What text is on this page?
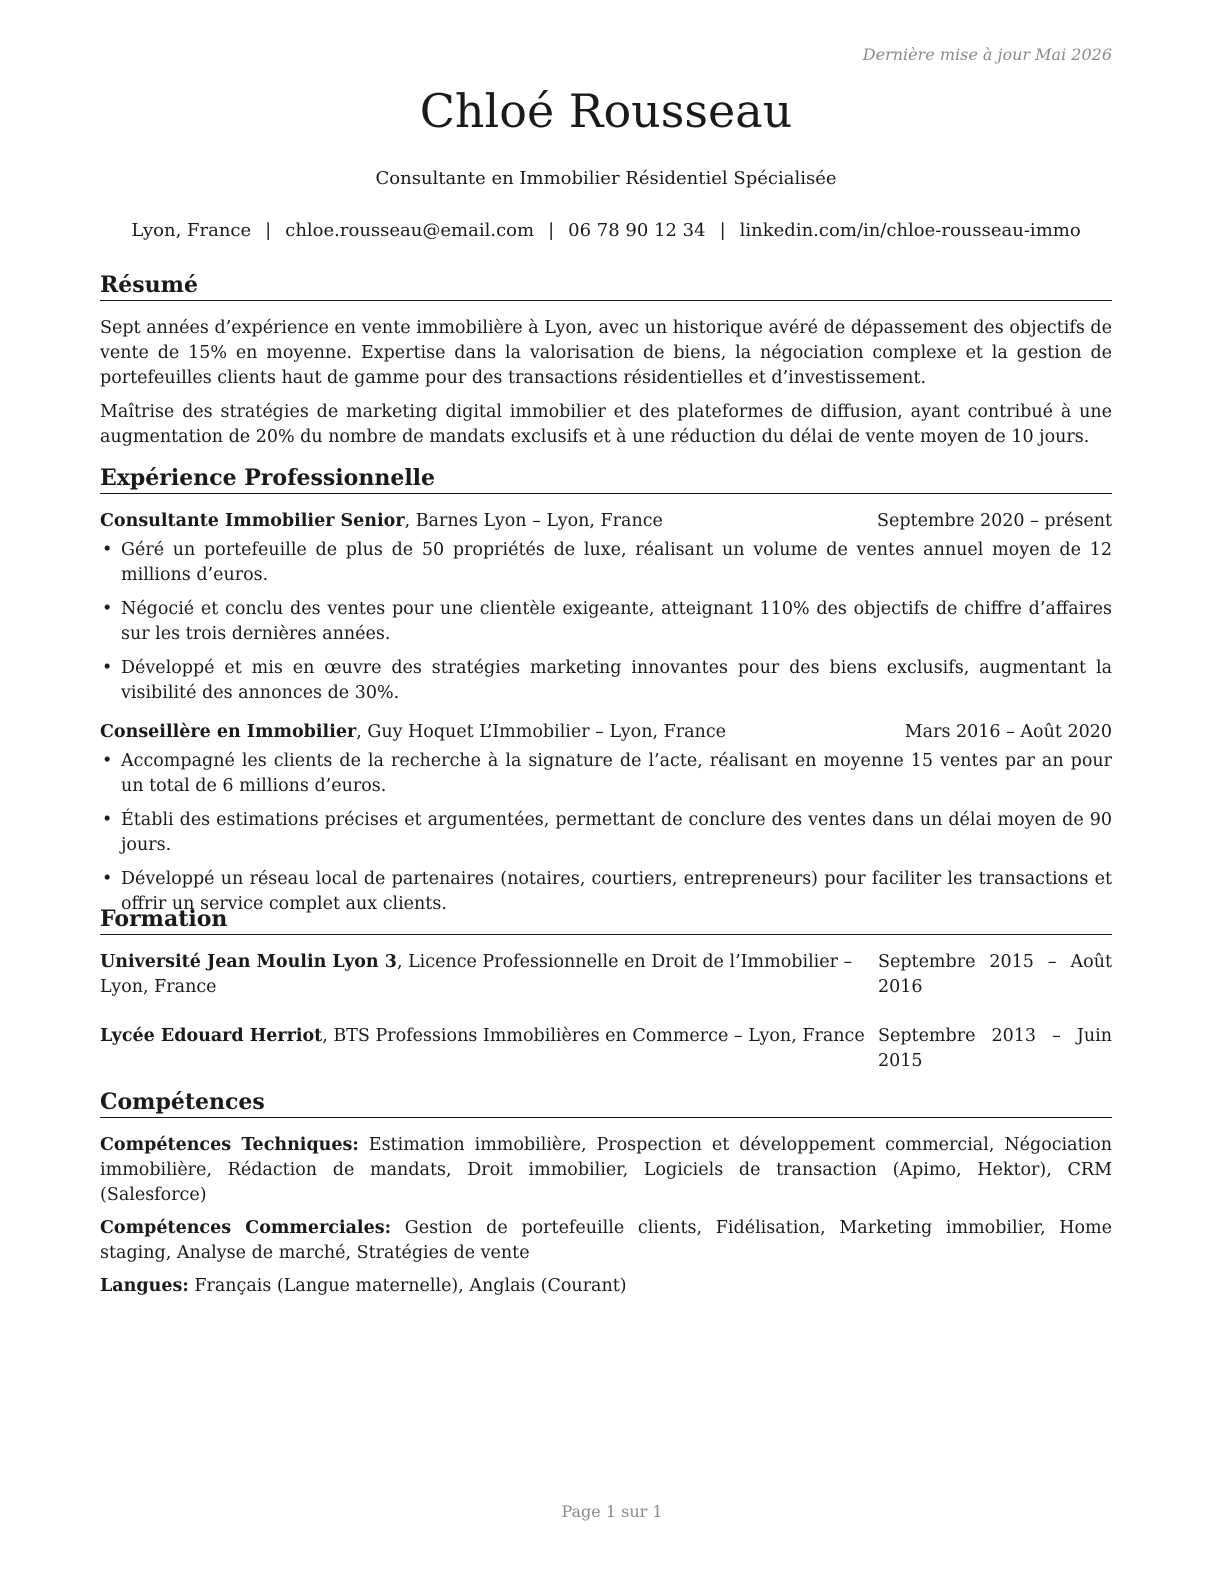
Dernière mise à jour Mai 2026
Chloé Rousseau
Consultante en Immobilier Résidentiel Spécialisée
Lyon, France | chloe.rousseau@email.com | 06 78 90 12 34 | linkedin.com/in/chloe-rousseau-immo
Résumé

Sept années d’expérience en vente immobilière à Lyon, avec un historique avéré de dépassement des objectifs de vente de 15% en moyenne. Expertise dans la valorisation de biens, la négociation complexe et la gestion de portefeuilles clients haut de gamme pour des transactions résidentielles et d’investissement.

Maîtrise des stratégies de marketing digital immobilier et des plateformes de diffusion, ayant contribué à une augmentation de 20% du nombre de mandats exclusifs et à une réduction du délai de vente moyen de 10 jours.

Expérience Professionnelle
Consultante Immobilier Senior, Barnes Lyon – Lyon, France	Septembre 2020 – présent
• Géré un portefeuille de plus de 50 propriétés de luxe, réalisant un volume de ventes annuel moyen de 12 millions d’euros.
• Négocié et conclu des ventes pour une clientèle exigeante, atteignant 110% des objectifs de chiffre d’affaires sur les trois dernières années.
• Développé et mis en œuvre des stratégies marketing innovantes pour des biens exclusifs, augmentant la visibilité des annonces de 30%.
Conseillère en Immobilier, Guy Hoquet L’Immobilier – Lyon, France	Mars 2016 – Août 2020
• Accompagné les clients de la recherche à la signature de l’acte, réalisant en moyenne 15 ventes par an pour un total de 6 millions d’euros.
• Établi des estimations précises et argumentées, permettant de conclure des ventes dans un délai moyen de 90 jours.
• Développé un réseau local de partenaires (notaires, courtiers, entrepreneurs) pour faciliter les transactions et offrir un service complet aux clients.
Formation
Université Jean Moulin Lyon 3, Licence Professionnelle en Droit de l’Immobilier – Lyon, France
Septembre 2015 – Août 2016
Lycée Edouard Herriot, BTS Professions Immobilières en Commerce – Lyon, France Septembre 2013 – Juin 2015
Compétences

Compétences Techniques: Estimation immobilière, Prospection et développement commercial, Négociation immobilière, Rédaction de mandats, Droit immobilier, Logiciels de transaction (Apimo, Hektor), CRM (Salesforce)

Compétences Commerciales: Gestion de portefeuille clients, Fidélisation, Marketing immobilier, Home staging, Analyse de marché, Stratégies de vente

Langues: Français (Langue maternelle), Anglais (Courant)

Page 1 sur 1
